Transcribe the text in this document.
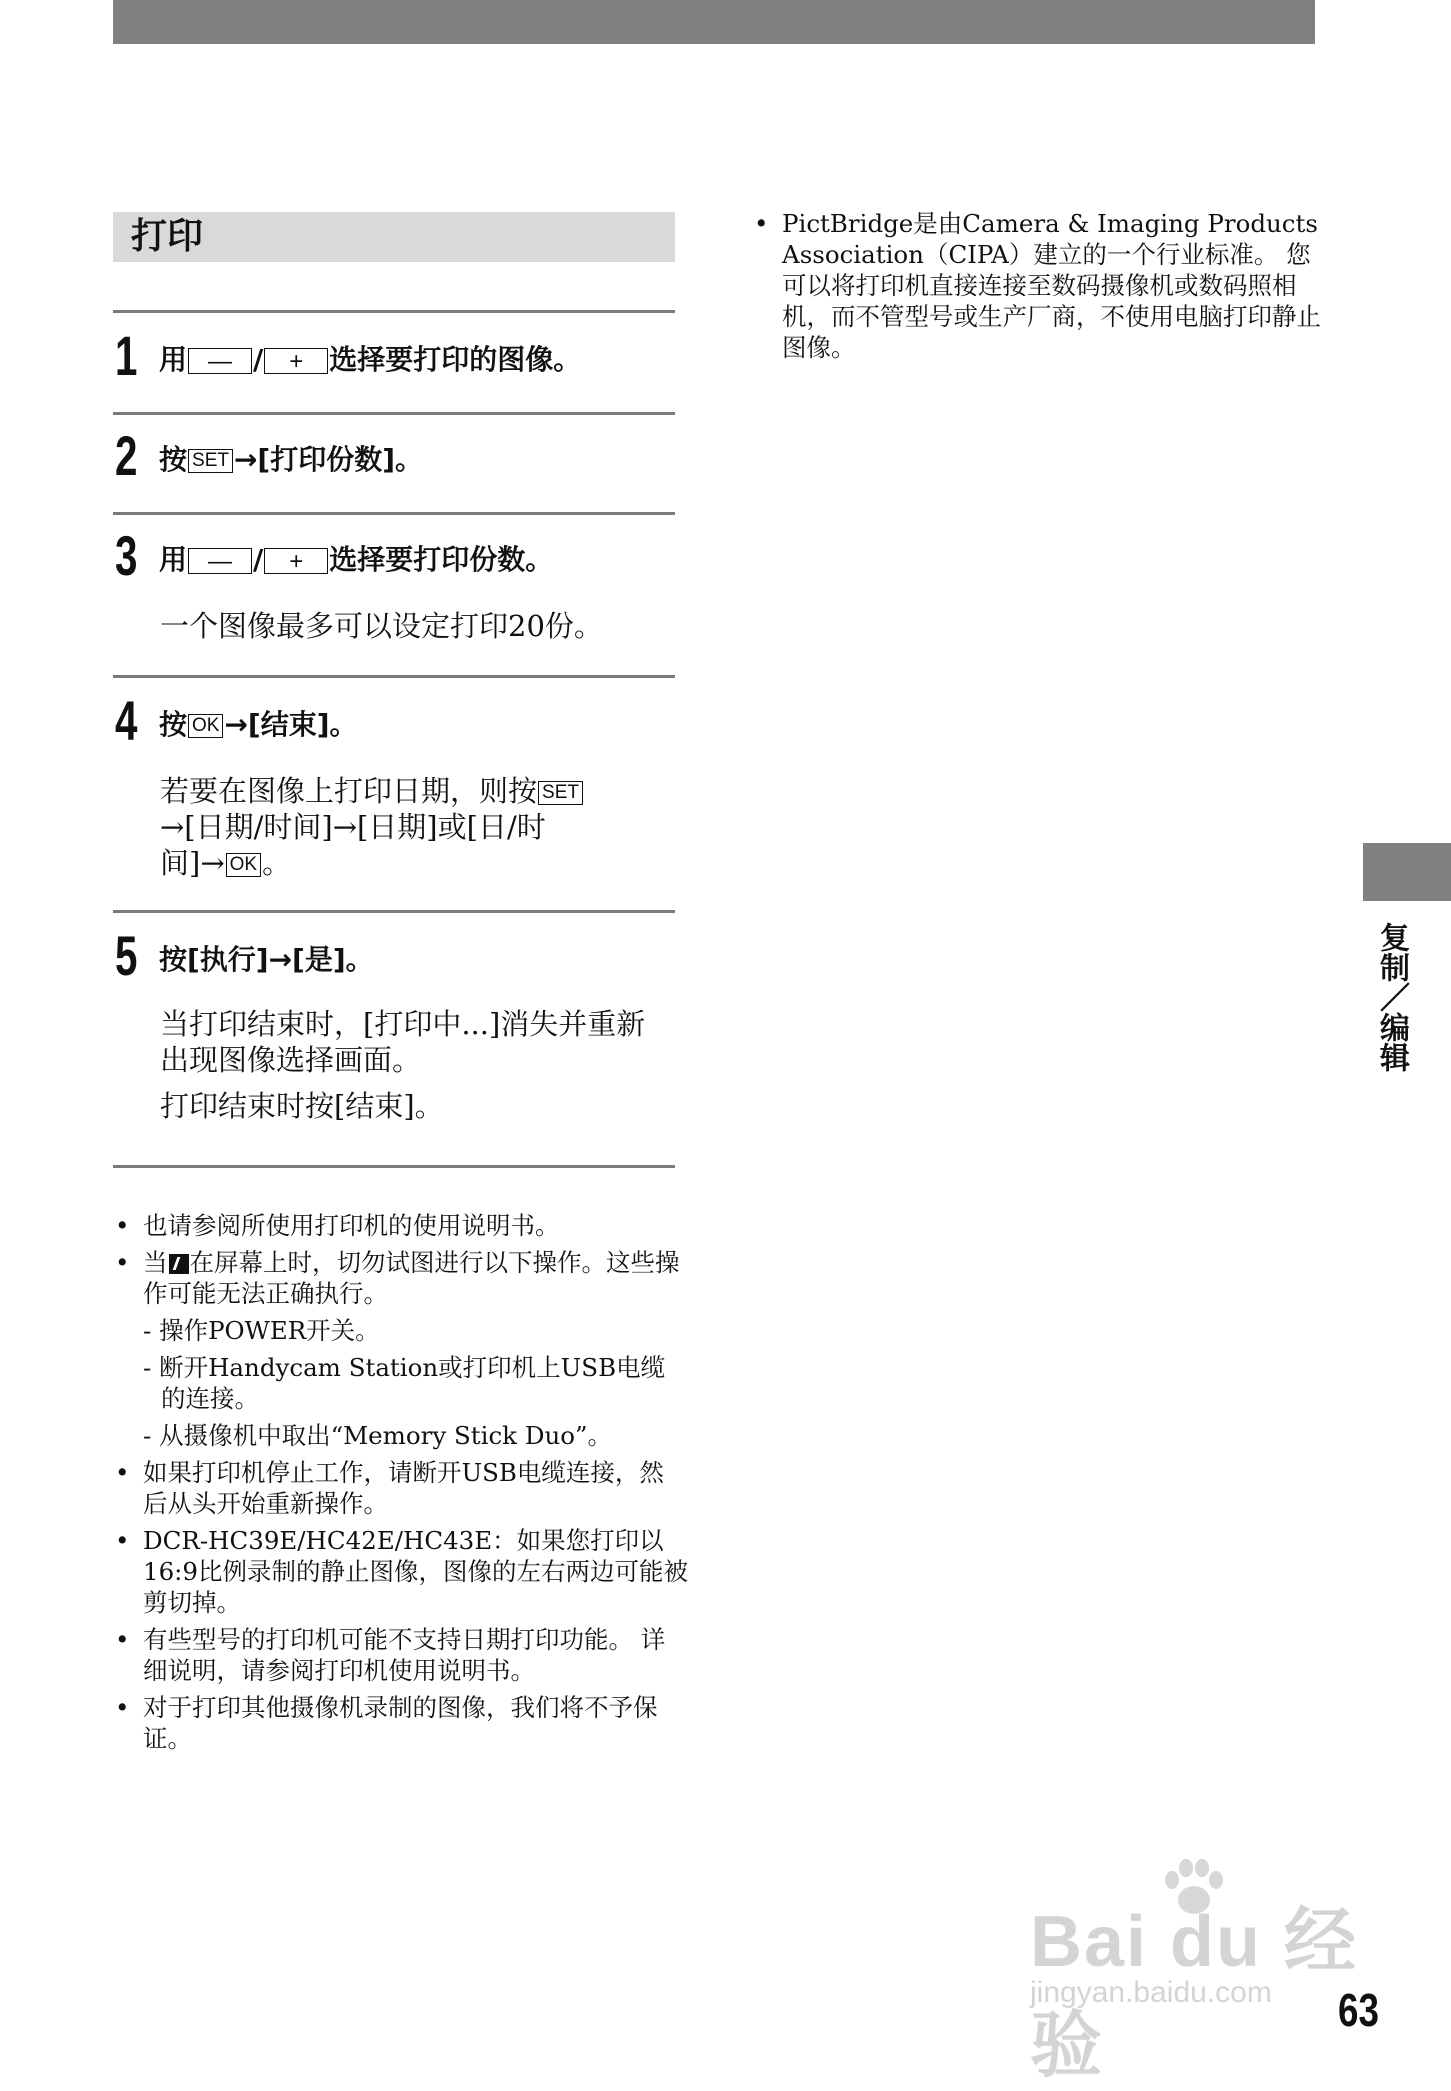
打印
1 用 — / + 选择要打印的图像。
2 按 SET →[打印份数]。
3 用 — / + 选择要打印份数。

一个图像最多可以设定打印20份。

4 按 OK →[结束]。

若要在图像上打印日期，则按 SET

→[日期/时间]→[日期]或[日/时

间]→ OK 。

5 按[执行]→[是]。

当打印结束时，[打印中...]消失并重新出现图像选择画面。

打印结束时按[结束]。

• 也请参阅所使用打印机的使用说明书。
• 当 在屏幕上时，切勿试图进行以下操作。这些操作可能无法正确执行。
- 操作POWER开关。
- 断开Handycam Station或打印机上USB电缆的连接。
- 从摄像机中取出“Memory Stick Duo”。
• 如果打印机停止工作，请断开USB电缆连接，然后从头开始重新操作。
• DCR-HC39E/HC42E/HC43E：如果您打印以16:9比例录制的静止图像，图像的左右两边可能被剪切掉。
• 有些型号的打印机可能不支持日期打印功能。 详细说明，请参阅打印机使用说明书。
• 对于打印其他摄像机录制的图像，我们将不予保证。
• PictBridge是由Camera & Imaging Products Association（CIPA）建立的一个行业标准。 您可以将打印机直接连接至数码摄像机或数码照相机，而不管型号或生产厂商，不使用电脑打印静止图像。
复制／编辑
Bai du 经验
jingyan.baidu.com 63
